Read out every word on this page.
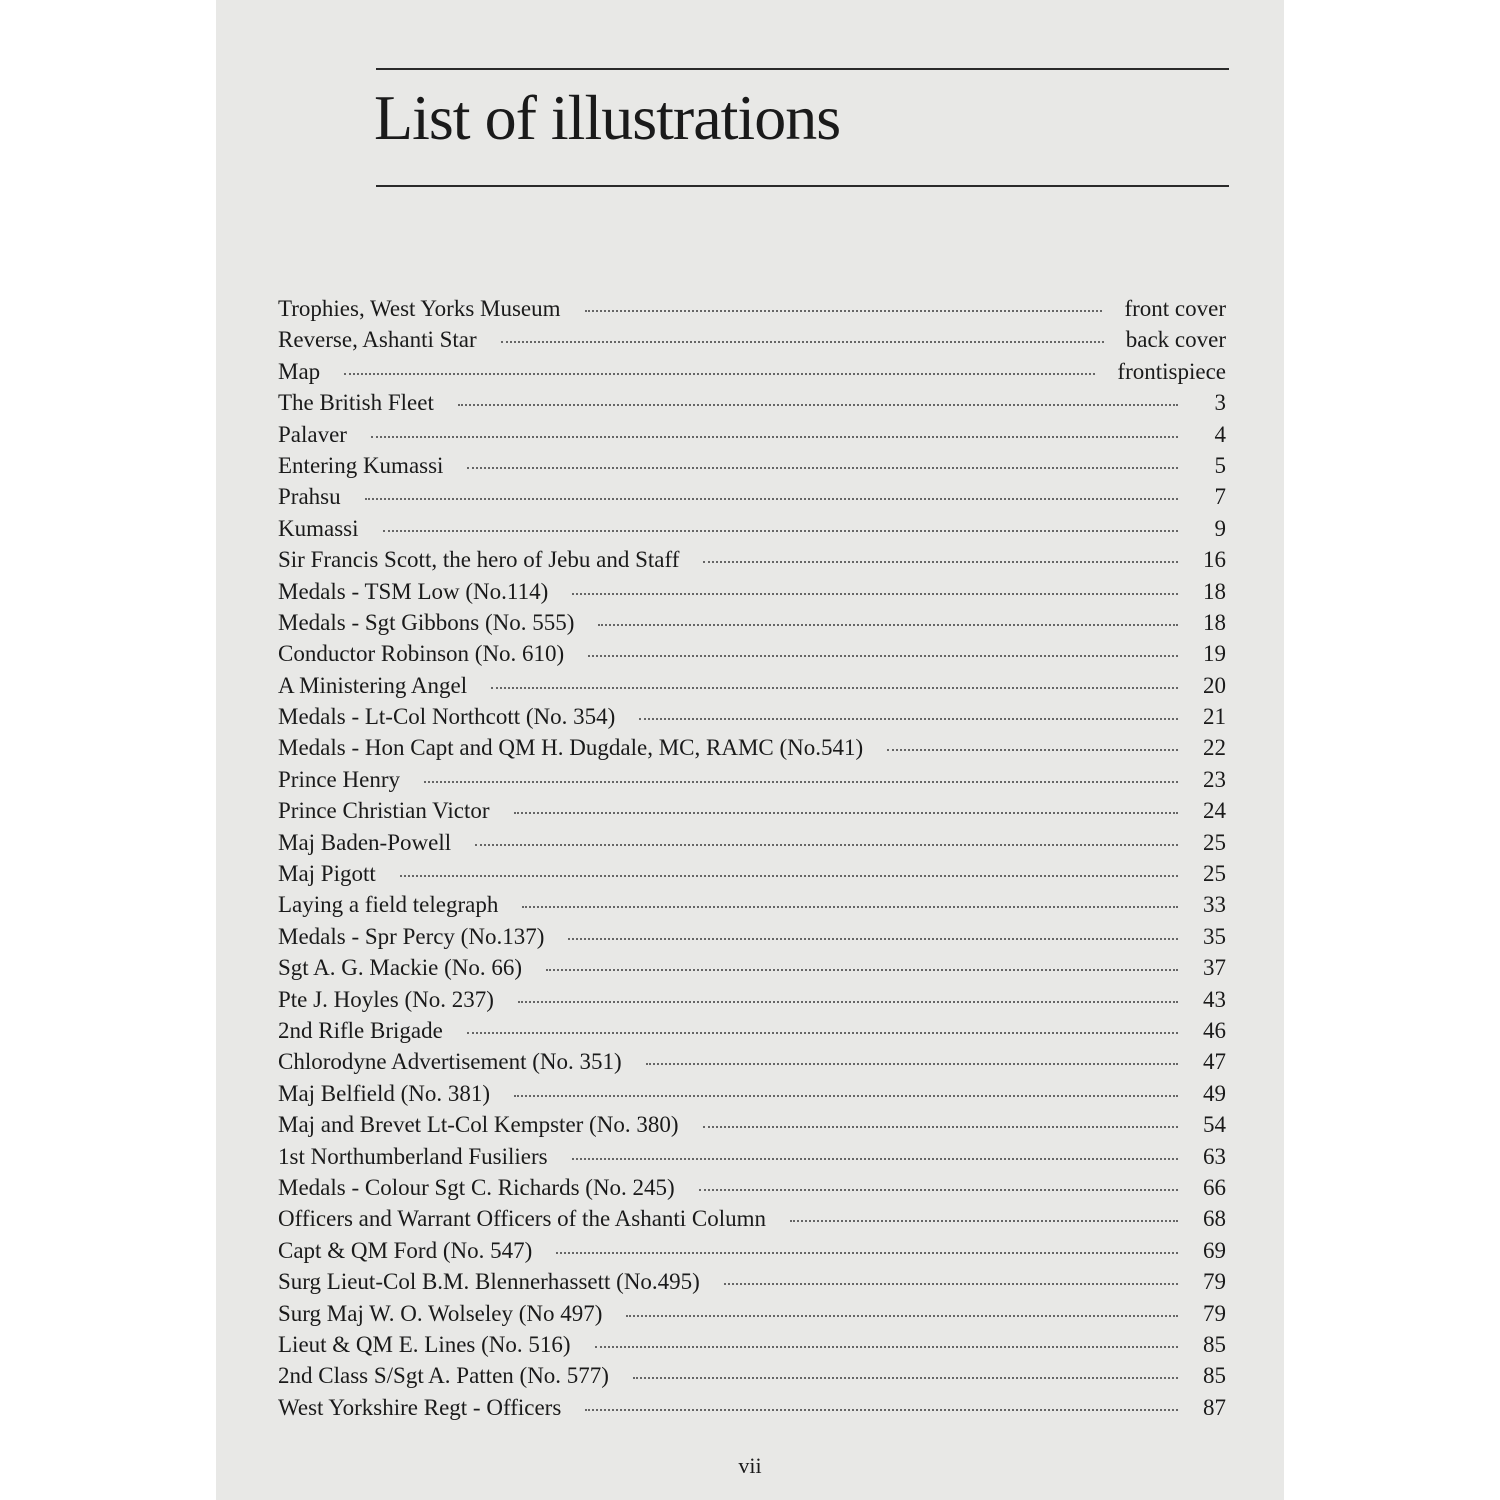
List of illustrations
Trophies, West Yorks Museum	front cover
Reverse, Ashanti Star	back cover
Map	frontispiece
The British Fleet	3
Palaver	4
Entering Kumassi	5
Prahsu	7
Kumassi	9
Sir Francis Scott, the hero of Jebu and Staff	16
Medals - TSM Low (No.114)	18
Medals - Sgt Gibbons (No. 555)	18
Conductor Robinson (No. 610)	19
A Ministering Angel	20
Medals - Lt-Col Northcott (No. 354)	21
Medals - Hon Capt and QM H. Dugdale, MC, RAMC (No.541)	22
Prince Henry	23
Prince Christian Victor	24
Maj Baden-Powell	25
Maj Pigott	25
Laying a field telegraph	33
Medals - Spr Percy (No.137)	35
Sgt A. G. Mackie (No. 66)	37
Pte J. Hoyles (No. 237)	43
2nd Rifle Brigade	46
Chlorodyne Advertisement (No. 351)	47
Maj Belfield (No. 381)	49
Maj and Brevet Lt-Col Kempster (No. 380)	54
1st Northumberland Fusiliers	63
Medals - Colour Sgt C. Richards (No. 245)	66
Officers and Warrant Officers of the Ashanti Column	68
Capt & QM Ford (No. 547)	69
Surg Lieut-Col B.M. Blennerhassett (No.495)	79
Surg Maj W. O. Wolseley (No 497)	79
Lieut & QM E. Lines (No. 516)	85
2nd Class S/Sgt A. Patten (No. 577)	85
West Yorkshire Regt - Officers	87
vii
